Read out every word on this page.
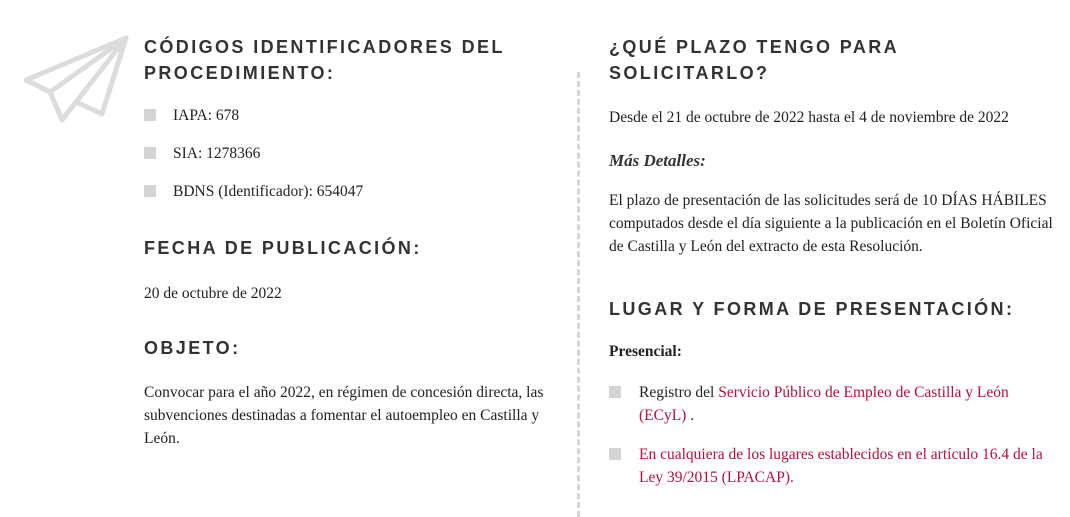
CÓDIGOS IDENTIFICADORES DEL PROCEDIMIENTO:
IAPA: 678
SIA: 1278366
BDNS (Identificador): 654047
FECHA DE PUBLICACIÓN:

20 de octubre de 2022

OBJETO:

Convocar para el año 2022, en régimen de concesión directa, las subvenciones destinadas a fomentar el autoempleo en Castilla y León.

¿QUÉ PLAZO TENGO PARA SOLICITARLO?

Desde el 21 de octubre de 2022 hasta el 4 de noviembre de 2022

Más Detalles:

El plazo de presentación de las solicitudes será de 10 DÍAS HÁBILES computados desde el día siguiente a la publicación en el Boletín Oficial de Castilla y León del extracto de esta Resolución.

LUGAR Y FORMA DE PRESENTACIÓN:

Presencial:

Registro del Servicio Público de Empleo de Castilla y León (ECyL) .
En cualquiera de los lugares establecidos en el artículo 16.4 de la Ley 39/2015 (LPACAP).
